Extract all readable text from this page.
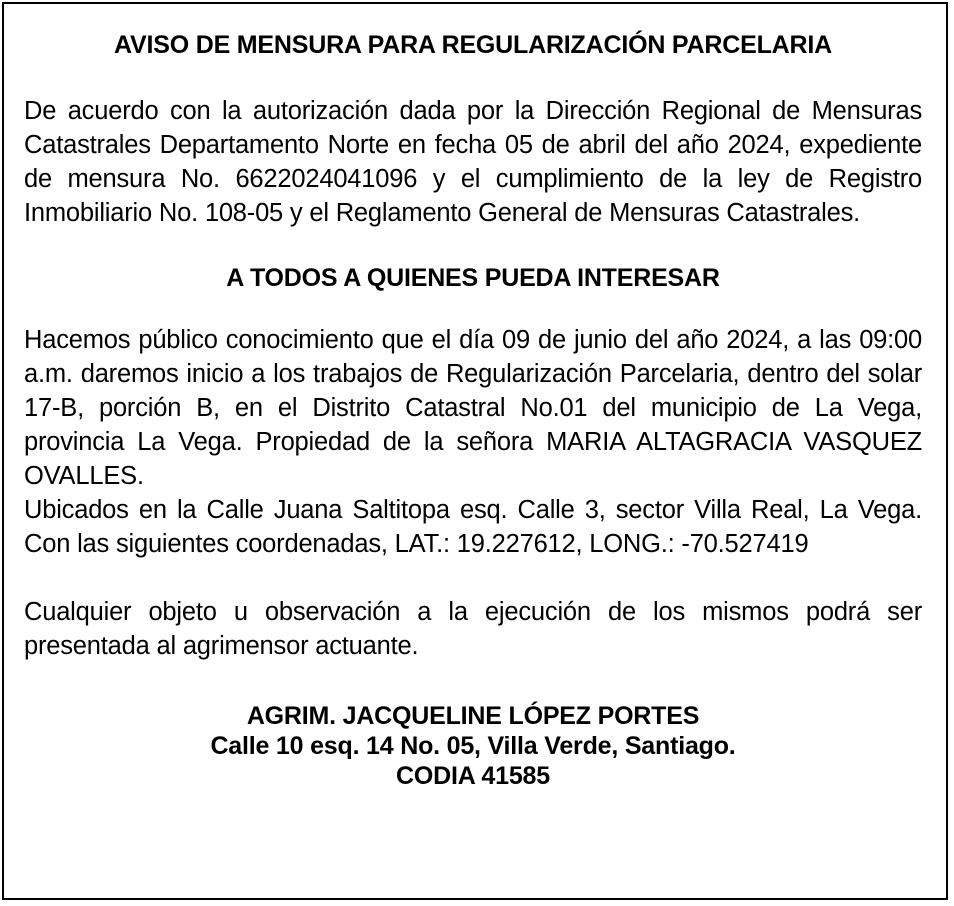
AVISO DE MENSURA PARA REGULARIZACIÓN PARCELARIA

De acuerdo con la autorización dada por la Dirección Regional de Mensuras Catastrales Departamento Norte en fecha 05 de abril del año 2024, expediente de mensura No. 6622024041096 y el cumplimiento de la ley de Registro Inmobiliario No. 108-05 y el Reglamento General de Mensuras Catastrales.

A TODOS A QUIENES PUEDA INTERESAR

Hacemos público conocimiento que el día 09 de junio del año 2024, a las 09:00 a.m. daremos inicio a los trabajos de Regularización Parcelaria, dentro del solar 17-B, porción B, en el Distrito Catastral No.01 del municipio de La Vega, provincia La Vega. Propiedad de la señora MARIA ALTAGRACIA VASQUEZ OVALLES.

Ubicados en la Calle Juana Saltitopa esq. Calle 3, sector Villa Real, La Vega. Con las siguientes coordenadas, LAT.: 19.227612, LONG.: -70.527419

Cualquier objeto u observación a la ejecución de los mismos podrá ser presentada al agrimensor actuante.

AGRIM. JACQUELINE LÓPEZ PORTES
Calle 10 esq. 14 No. 05, Villa Verde, Santiago.
CODIA 41585
